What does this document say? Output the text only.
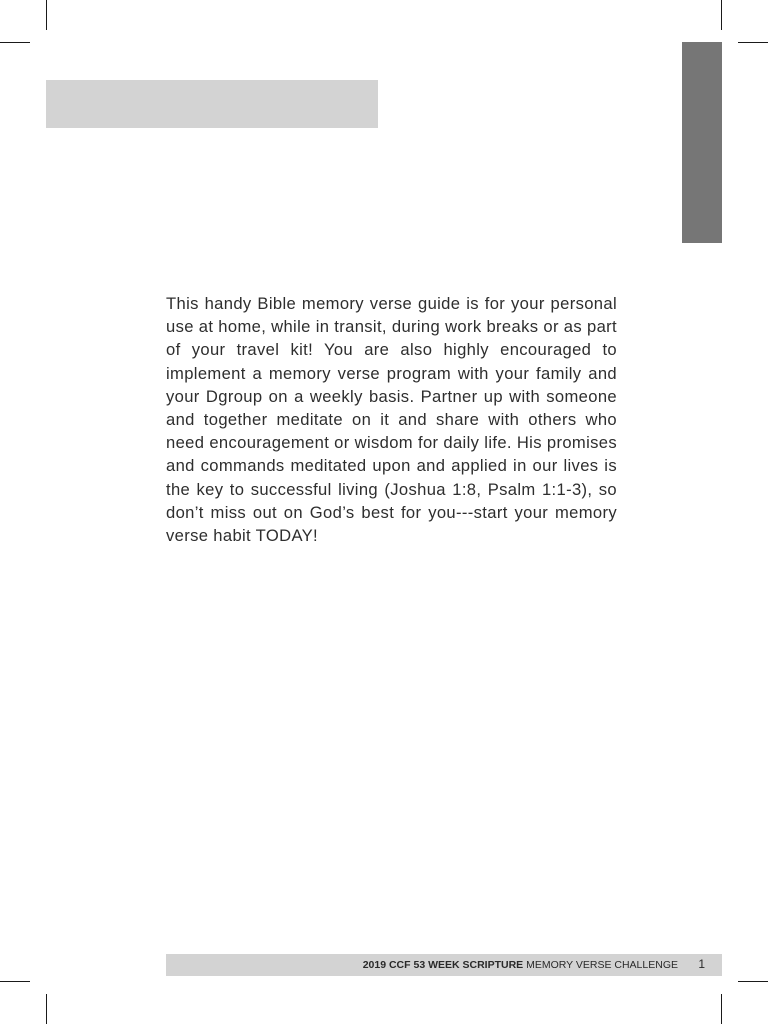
This handy Bible memory verse guide is for your personal use at home, while in transit, during work breaks or as part of your travel kit! You are also highly encouraged to implement a memory verse program with your family and your Dgroup on a weekly basis. Partner up with someone and together meditate on it and share with others who need encouragement or wisdom for daily life. His promises and commands meditated upon and applied in our lives is the key to successful living (Joshua 1:8, Psalm 1:1-3), so don’t miss out on God’s best for you---start your memory verse habit TODAY!

2019 CCF 53 WEEK SCRIPTURE MEMORY VERSE CHALLENGE 1
